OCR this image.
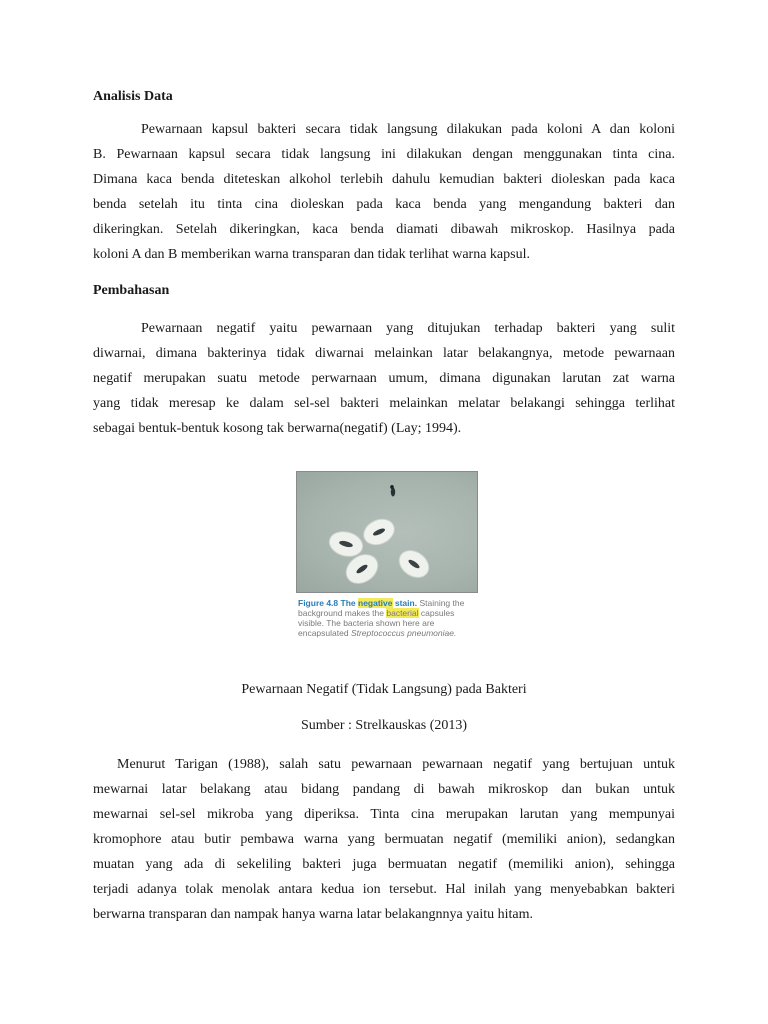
Analisis Data

Pewarnaan kapsul bakteri secara tidak langsung dilakukan pada koloni A dan koloni
B. Pewarnaan kapsul secara tidak langsung ini dilakukan dengan menggunakan tinta cina.
Dimana kaca benda diteteskan alkohol terlebih dahulu kemudian bakteri dioleskan pada kaca
benda setelah itu tinta cina dioleskan pada kaca benda yang mengandung bakteri dan
dikeringkan. Setelah dikeringkan, kaca benda diamati dibawah mikroskop. Hasilnya pada
koloni A dan B memberikan warna transparan dan tidak terlihat warna kapsul.

Pembahasan

Pewarnaan negatif yaitu pewarnaan yang ditujukan terhadap bakteri yang sulit
diwarnai, dimana bakterinya tidak diwarnai melainkan latar belakangnya, metode pewarnaan
negatif merupakan suatu metode perwarnaan umum, dimana digunakan larutan zat warna
yang tidak meresap ke dalam sel-sel bakteri melainkan melatar belakangi sehingga terlihat
sebagai bentuk-bentuk kosong tak berwarna(negatif) (Lay; 1994).

Figure 4.8 The negative stain. Staining the background makes the bacterial capsules visible. The bacteria shown here are encapsulated Streptococcus pneumoniae.
Pewarnaan Negatif (Tidak Langsung) pada Bakteri
Sumber : Strelkauskas (2013)

Menurut Tarigan (1988), salah satu pewarnaan pewarnaan negatif yang bertujuan untuk
mewarnai latar belakang atau bidang pandang di bawah mikroskop dan bukan untuk
mewarnai sel-sel mikroba yang diperiksa. Tinta cina merupakan larutan yang mempunyai
kromophore atau butir pembawa warna yang bermuatan negatif (memiliki anion), sedangkan
muatan yang ada di sekeliling bakteri juga bermuatan negatif (memiliki anion), sehingga
terjadi adanya tolak menolak antara kedua ion tersebut. Hal inilah yang menyebabkan bakteri
berwarna transparan dan nampak hanya warna latar belakangnnya yaitu hitam.
